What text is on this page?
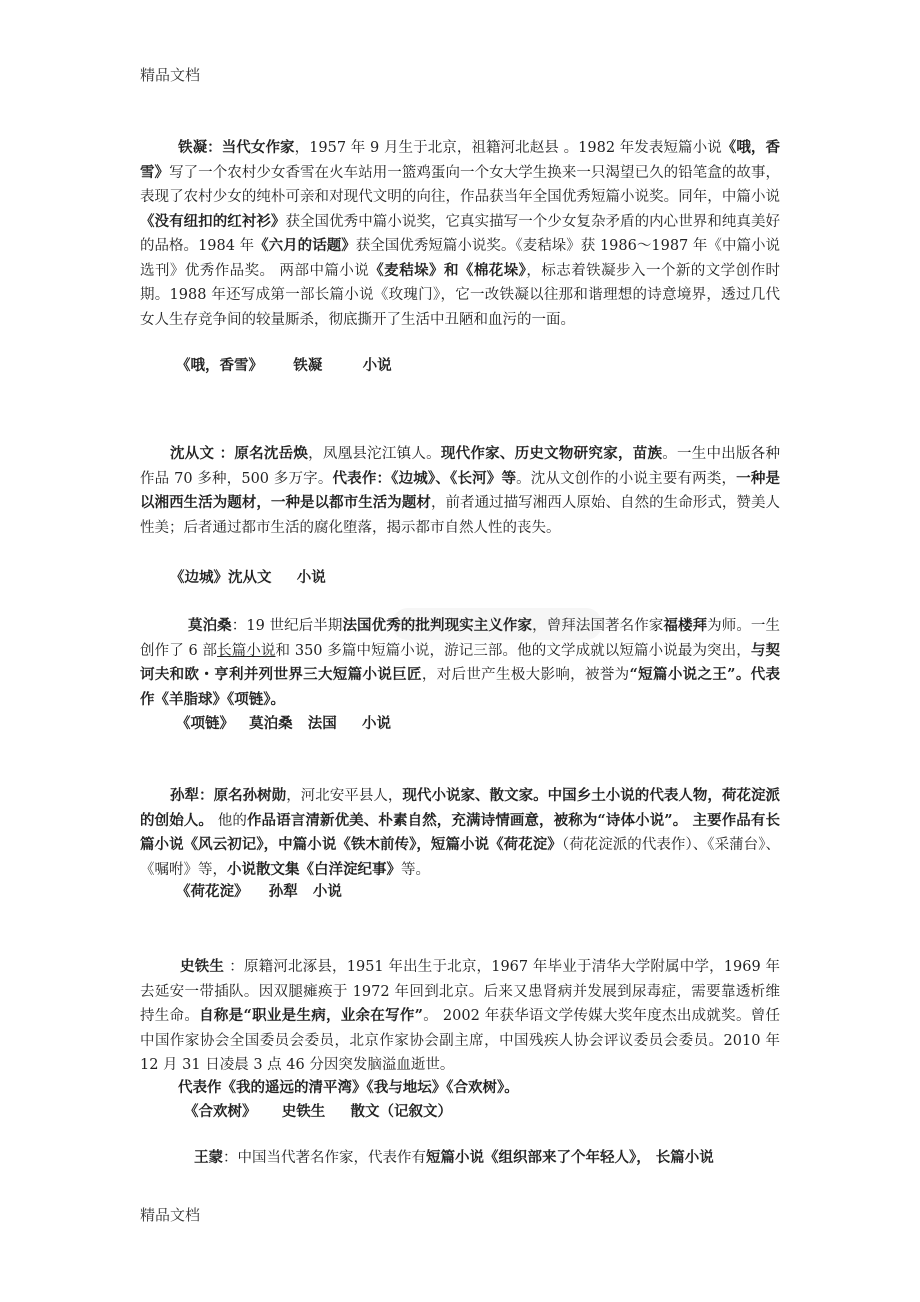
精品文档
铁凝：当代女作家，1957 年 9 月生于北京，祖籍河北赵县 。1982 年发表短篇小说《哦，香雪》写了一个农村少女香雪在火车站用一篮鸡蛋向一个女大学生换来一只渴望已久的铅笔盒的故事，表现了农村少女的纯朴可亲和对现代文明的向往，作品获当年全国优秀短篇小说奖。同年，中篇小说《没有纽扣的红衬衫》获全国优秀中篇小说奖，它真实描写一个少女复杂矛盾的内心世界和纯真美好的品格。1984 年《六月的话题》获全国优秀短篇小说奖。《麦秸垛》获 1986～1987 年《中篇小说选刊》优秀作品奖。 两部中篇小说《麦秸垛》和《棉花垛》，标志着铁凝步入一个新的文学创作时期。1988 年还写成第一部长篇小说《玫瑰门》，它一改铁凝以往那和谐理想的诗意境界，透过几代女人生存竞争间的较量厮杀，彻底撕开了生活中丑陋和血污的一面。
《哦，香雪》      铁凝        小说
沈从文 ：原名沈岳焕，凤凰县沱江镇人。现代作家、历史文物研究家，苗族。一生中出版各种作品 70 多种，500 多万字。代表作：《边城》、《长河》等。沈从文创作的小说主要有两类，一种是以湘西生活为题材，一种是以都市生活为题材，前者通过描写湘西人原始、自然的生命形式，赞美人性美；后者通过都市生活的腐化堕落，揭示都市自然人性的丧失。
《边城》沈从文     小说
莫泊桑：19 世纪后半期法国优秀的批判现实主义作家，曾拜法国著名作家福楼拜为师。一生创作了 6 部长篇小说和 350 多篇中短篇小说，游记三部。他的文学成就以短篇小说最为突出，与契诃夫和欧・亨利并列世界三大短篇小说巨匠，对后世产生极大影响，被誉为“短篇小说之王”。代表作《羊脂球》《项链》。
《项链》   莫泊桑   法国     小说
孙犁：原名孙树勋，河北安平县人，现代小说家、散文家。中国乡土小说的代表人物，荷花淀派的创始人。 他的作品语言清新优美、朴素自然，充满诗情画意，被称为“诗体小说”。 主要作品有长篇小说《风云初记》，中篇小说《铁木前传》，短篇小说《荷花淀》（荷花淀派的代表作）、《采蒲台》、《嘱咐》等，小说散文集《白洋淀纪事》等。
《荷花淀》    孙犁   小说
史铁生 ：原籍河北涿县，1951 年出生于北京，1967 年毕业于清华大学附属中学，1969 年去延安一带插队。因双腿瘫痪于 1972 年回到北京。后来又患肾病并发展到尿毒症，需要靠透析维持生命。自称是“职业是生病，业余在写作”。 2002 年获华语文学传媒大奖年度杰出成就奖。曾任中国作家协会全国委员会委员，北京作家协会副主席，中国残疾人协会评议委员会委员。2010 年 12 月 31 日凌晨 3 点 46 分因突发脑溢血逝世。
代表作《我的遥远的清平湾》《我与地坛》《合欢树》。
《合欢树》     史铁生     散文（记叙文）
王蒙：中国当代著名作家，代表作有短篇小说《组织部来了个年轻人》， 长篇小说
精品文档
